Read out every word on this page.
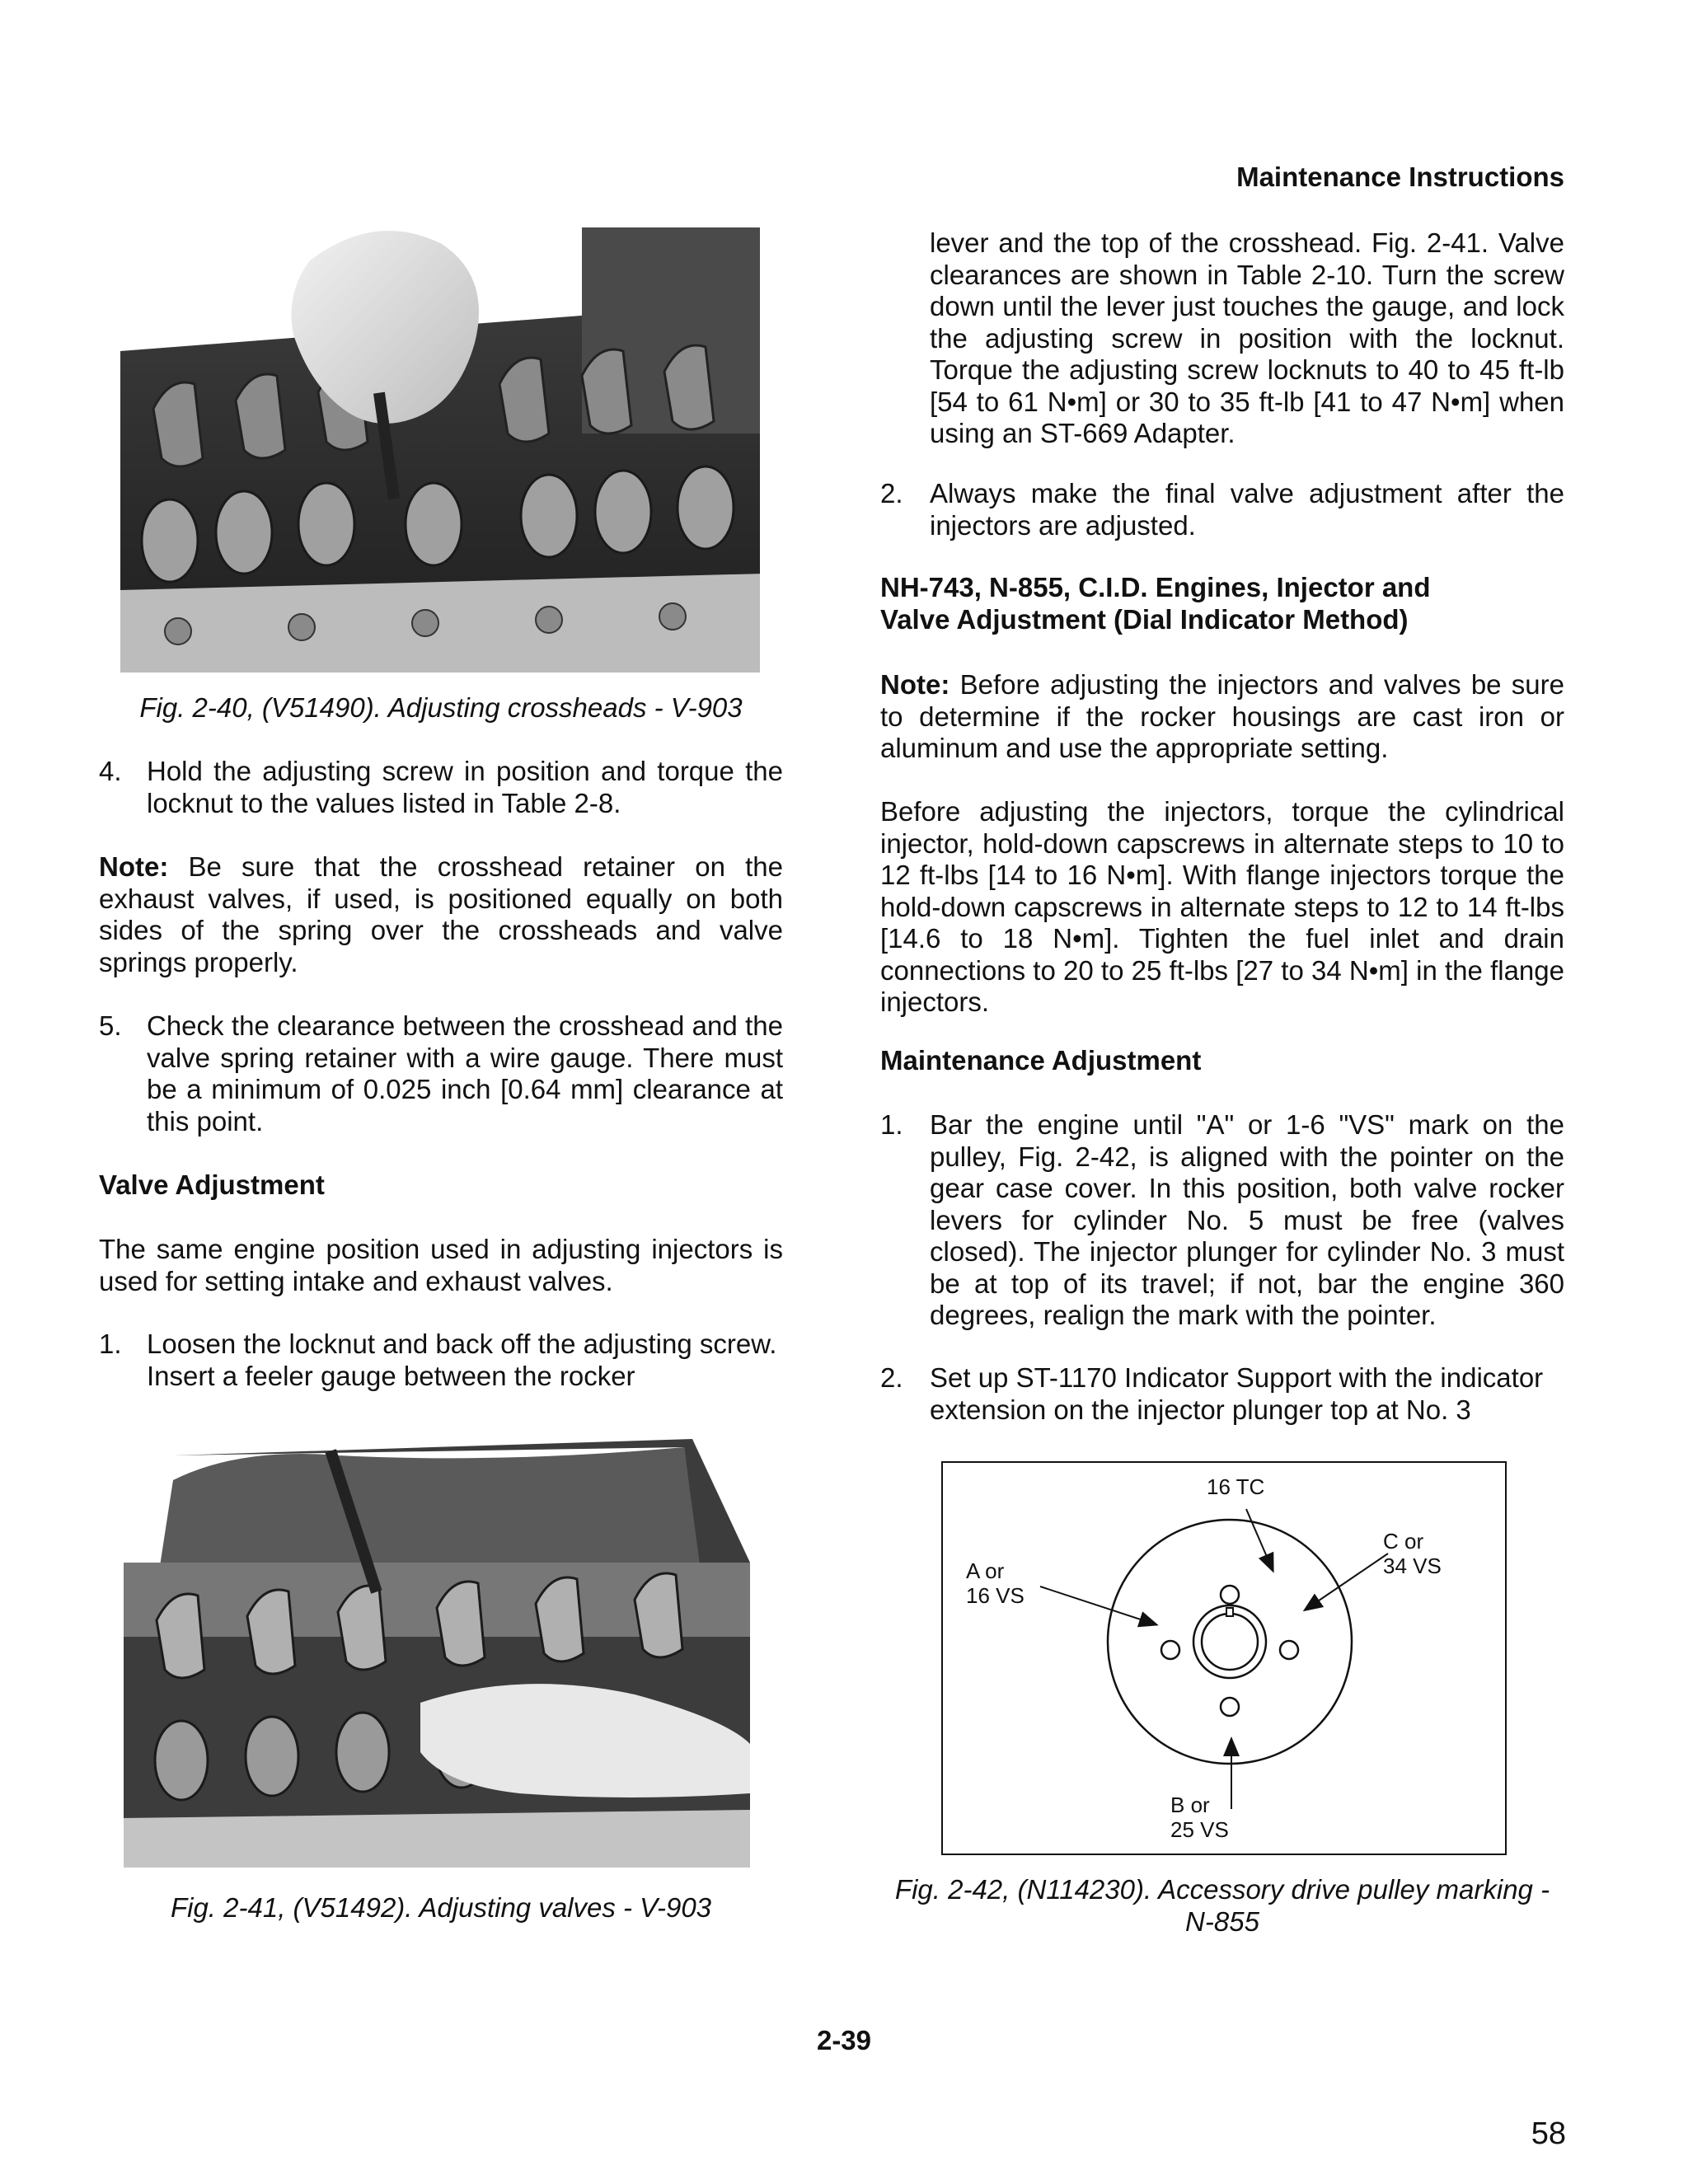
Maintenance Instructions
Fig. 2-40, (V51490). Adjusting crossheads - V-903
4. Hold the adjusting screw in position and torque the locknut to the values listed in Table 2-8.

Note: Be sure that the crosshead retainer on the exhaust valves, if used, is positioned equally on both sides of the spring over the crossheads and valve springs properly.

5. Check the clearance between the crosshead and the valve spring retainer with a wire gauge. There must be a minimum of 0.025 inch [0.64 mm] clearance at this point.
Valve Adjustment

The same engine position used in adjusting injectors is used for setting intake and exhaust valves.

1. Loosen the locknut and back off the adjusting screw.
Insert a feeler gauge between the rocker
Fig. 2-41, (V51492). Adjusting valves - V-903

lever and the top of the crosshead. Fig. 2-41. Valve clearances are shown in Table 2-10. Turn the screw down until the lever just touches the gauge, and lock the adjusting screw in position with the locknut. Torque the adjusting screw locknuts to 40 to 45 ft-lb [54 to 61 N•m] or 30 to 35 ft-lb [41 to 47 N•m] when using an ST-669 Adapter.

2. Always make the final valve adjustment after the injectors are adjusted.
NH-743, N-855, C.I.D. Engines, Injector and
Valve Adjustment (Dial Indicator Method)

Note: Before adjusting the injectors and valves be sure to determine if the rocker housings are cast iron or aluminum and use the appropriate setting.

Before adjusting the injectors, torque the cylindrical injector, hold-down capscrews in alternate steps to 10 to 12 ft-lbs [14 to 16 N•m]. With flange injectors torque the hold-down capscrews in alternate steps to 12 to 14 ft-lbs [14.6 to 18 N•m]. Tighten the fuel inlet and drain connections to 20 to 25 ft-lbs [27 to 34 N•m] in the flange injectors.

Maintenance Adjustment
1. Bar the engine until "A" or 1-6 "VS" mark on the pulley, Fig. 2-42, is aligned with the pointer on the gear case cover. In this position, both valve rocker levers for cylinder No. 5 must be free (valves closed). The injector plunger for cylinder No. 3 must be at top of its travel; if not, bar the engine 360 degrees, realign the mark with the pointer.
2. Set up ST-1170 Indicator Support with the indicator
extension on the injector plunger top at No. 3
16 TC
A or
16 VS
C or
34 VS
B or
25 VS
Fig. 2-42, (N114230). Accessory drive pulley marking -
N-855
2-39
58
